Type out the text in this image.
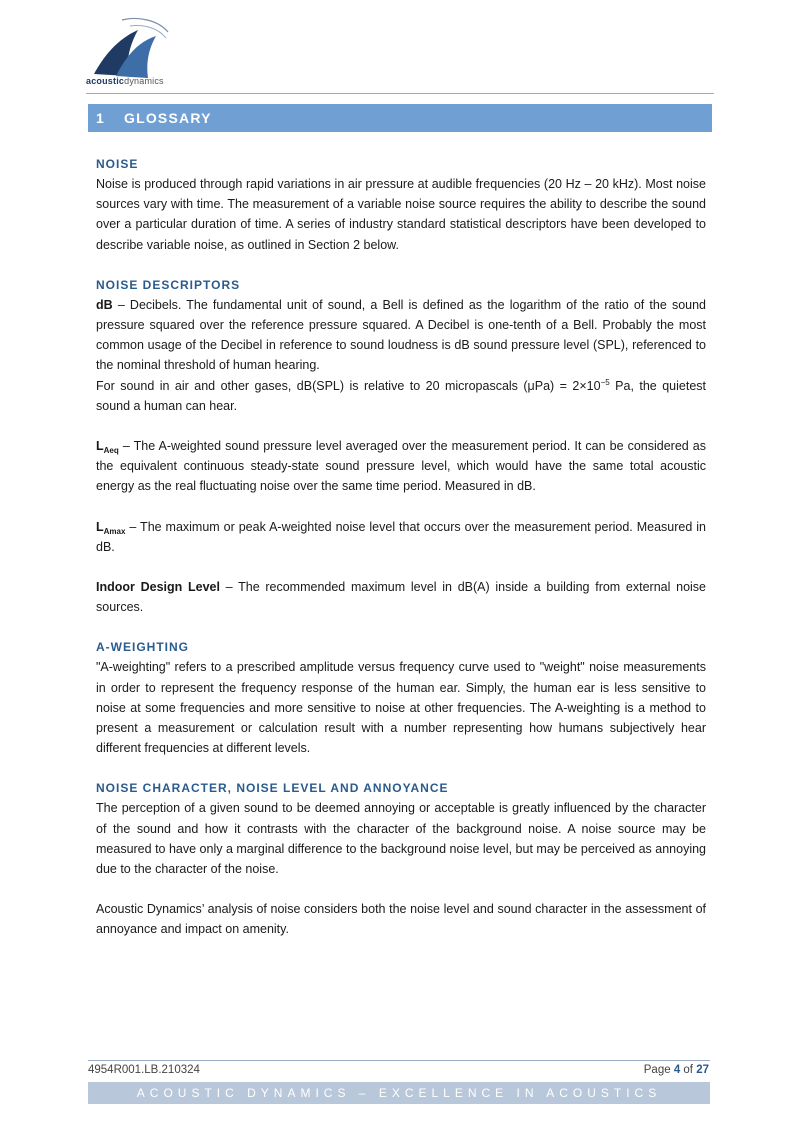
acousticdynamics
1 GLOSSARY
NOISE

Noise is produced through rapid variations in air pressure at audible frequencies (20 Hz – 20 kHz). Most noise sources vary with time. The measurement of a variable noise source requires the ability to describe the sound over a particular duration of time. A series of industry standard statistical descriptors have been developed to describe variable noise, as outlined in Section 2 below.

NOISE DESCRIPTORS

dB – Decibels. The fundamental unit of sound, a Bell is defined as the logarithm of the ratio of the sound pressure squared over the reference pressure squared. A Decibel is one-tenth of a Bell. Probably the most common usage of the Decibel in reference to sound loudness is dB sound pressure level (SPL), referenced to the nominal threshold of human hearing.

For sound in air and other gases, dB(SPL) is relative to 20 micropascals $(\mu Pa) = 2\times 10^{-5}$ Pa, the quietest sound a human can hear.

$L_{Aeq}$ – The A-weighted sound pressure level averaged over the measurement period. It can be considered as the equivalent continuous steady-state sound pressure level, which would have the same total acoustic energy as the real fluctuating noise over the same time period. Measured in dB.

$L_{Amax}$ – The maximum or peak A-weighted noise level that occurs over the measurement period. Measured in dB.

Indoor Design Level – The recommended maximum level in dB(A) inside a building from external noise sources.

A-WEIGHTING

"A-weighting" refers to a prescribed amplitude versus frequency curve used to "weight" noise measurements in order to represent the frequency response of the human ear. Simply, the human ear is less sensitive to noise at some frequencies and more sensitive to noise at other frequencies. The A-weighting is a method to present a measurement or calculation result with a number representing how humans subjectively hear different frequencies at different levels.

NOISE CHARACTER, NOISE LEVEL AND ANNOYANCE

The perception of a given sound to be deemed annoying or acceptable is greatly influenced by the character of the sound and how it contrasts with the character of the background noise. A noise source may be measured to have only a marginal difference to the background noise level, but may be perceived as annoying due to the character of the noise.

Acoustic Dynamics’ analysis of noise considers both the noise level and sound character in the assessment of annoyance and impact on amenity.

4954R001.LB.210324	Page 4 of 27
ACOUSTIC DYNAMICS – EXCELLENCE IN ACOUSTICS
